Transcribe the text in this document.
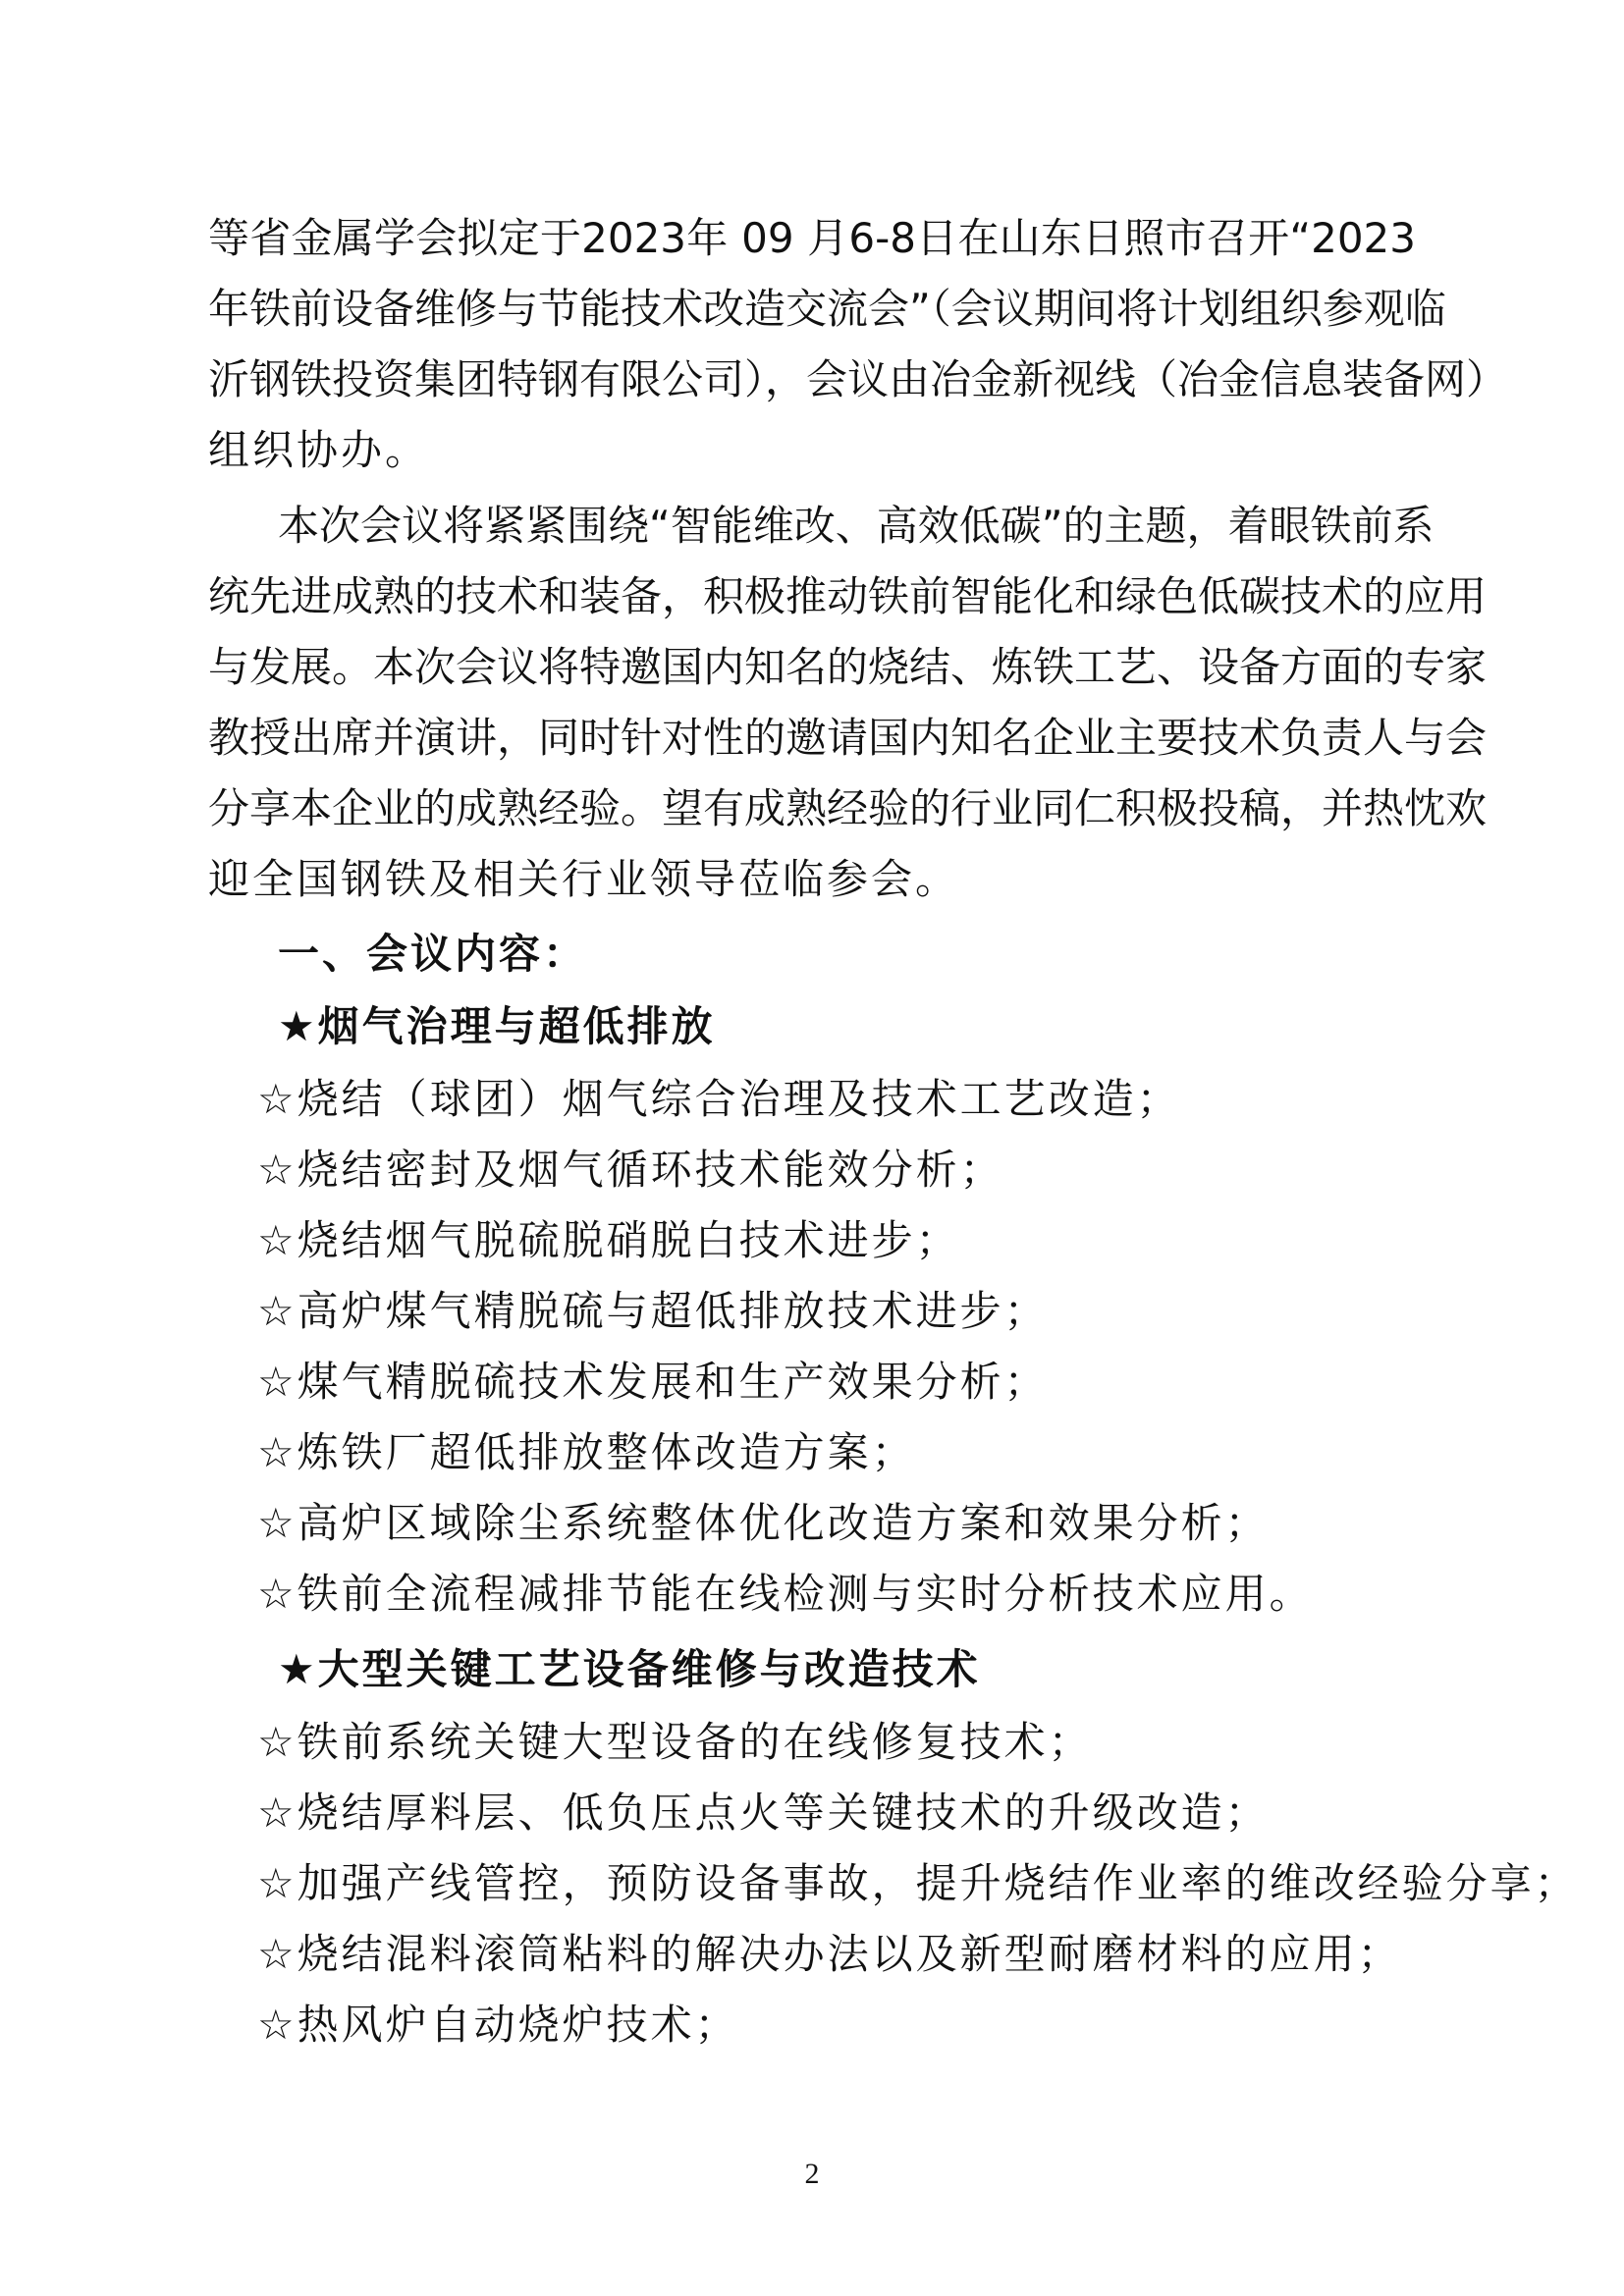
等省金属学会拟定于2023年 09 月6-8日在山东日照市召开“2023
年铁前设备维修与节能技术改造交流会”（会议期间将计划组织参观临
沂钢铁投资集团特钢有限公司），会议由冶金新视线（冶金信息装备网）
组织协办。
本次会议将紧紧围绕“智能维改、高效低碳”的主题，着眼铁前系
统先进成熟的技术和装备，积极推动铁前智能化和绿色低碳技术的应用
与发展。本次会议将特邀国内知名的烧结、炼铁工艺、设备方面的专家
教授出席并演讲，同时针对性的邀请国内知名企业主要技术负责人与会
分享本企业的成熟经验。望有成熟经验的行业同仁积极投稿，并热忱欢
迎全国钢铁及相关行业领导莅临参会。
一、会议内容：
★烟气治理与超低排放
☆烧结（球团）烟气综合治理及技术工艺改造；
☆烧结密封及烟气循环技术能效分析；
☆烧结烟气脱硫脱硝脱白技术进步；
☆高炉煤气精脱硫与超低排放技术进步；
☆煤气精脱硫技术发展和生产效果分析；
☆炼铁厂超低排放整体改造方案；
☆高炉区域除尘系统整体优化改造方案和效果分析；
☆铁前全流程减排节能在线检测与实时分析技术应用。
★大型关键工艺设备维修与改造技术
☆铁前系统关键大型设备的在线修复技术；
☆烧结厚料层、低负压点火等关键技术的升级改造；
☆加强产线管控，预防设备事故，提升烧结作业率的维改经验分享；
☆烧结混料滚筒粘料的解决办法以及新型耐磨材料的应用；
☆热风炉自动烧炉技术；
2
